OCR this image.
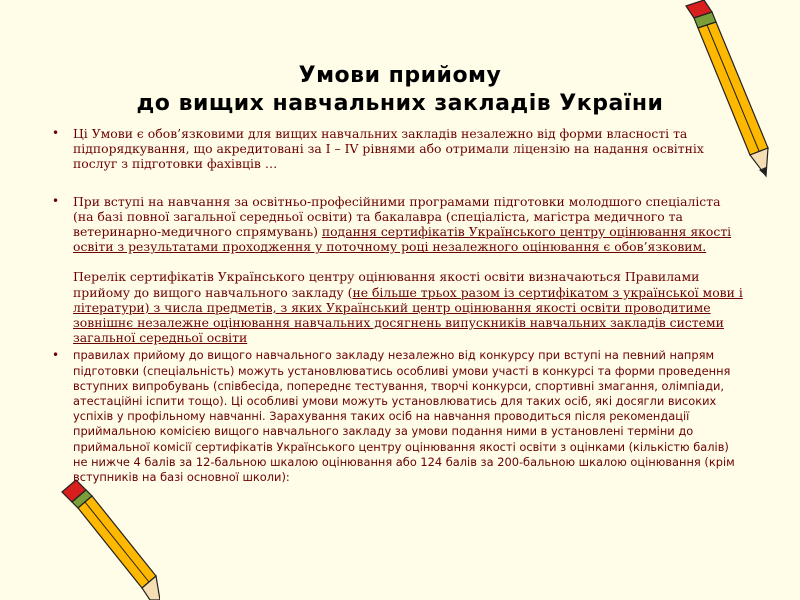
Умови прийому
до вищих навчальних закладів України

• Ці Умови є обов’язковими для вищих навчальних закладів незалежно від форми власності та підпорядкування, що акредитовані за I – IV рівнями або отримали ліцензію на надання освітніх послуг з підготовки фахівців …

• При вступі на навчання за освітньо-професійними програмами підготовки молодшого спеціаліста (на базі повної загальної середньої освіти) та бакалавра (спеціаліста, магістра медичного та ветеринарно-медичного спрямувань) подання сертифікатів Українського центру оцінювання якості освіти з результатами проходження у поточному році незалежного оцінювання є обов’язковим.

Перелік сертифікатів Українського центру оцінювання якості освіти визначаються Правилами прийому до вищого навчального закладу (не більше трьох разом із сертифікатом з української мови і літератури) з числа предметів, з яких Український центр оцінювання якості освіти проводитиме зовнішнє незалежне оцінювання навчальних досягнень випускників навчальних закладів системи загальної середньої освіти

• правилах прийому до вищого навчального закладу незалежно від конкурсу при вступі на певний напрям підготовки (спеціальність) можуть установлюватись особливі умови участі в конкурсі та форми проведення вступних випробувань (співбесіда, попереднє тестування, творчі конкурси, спортивні змагання, олімпіади, атестаційні іспити тощо). Ці особливі умови можуть установлюватись для таких осіб, які досягли високих успіхів у профільному навчанні. Зарахування таких осіб на навчання проводиться після рекомендації приймальною комісією вищого навчального закладу за умови подання ними в установлені терміни до приймальної комісії сертифікатів Українського центру оцінювання якості освіти з оцінками (кількістю балів) не нижче 4 балів за 12-бальною шкалою оцінювання або 124 балів за 200-бальною шкалою оцінювання (крім вступників на базі основної школи):
